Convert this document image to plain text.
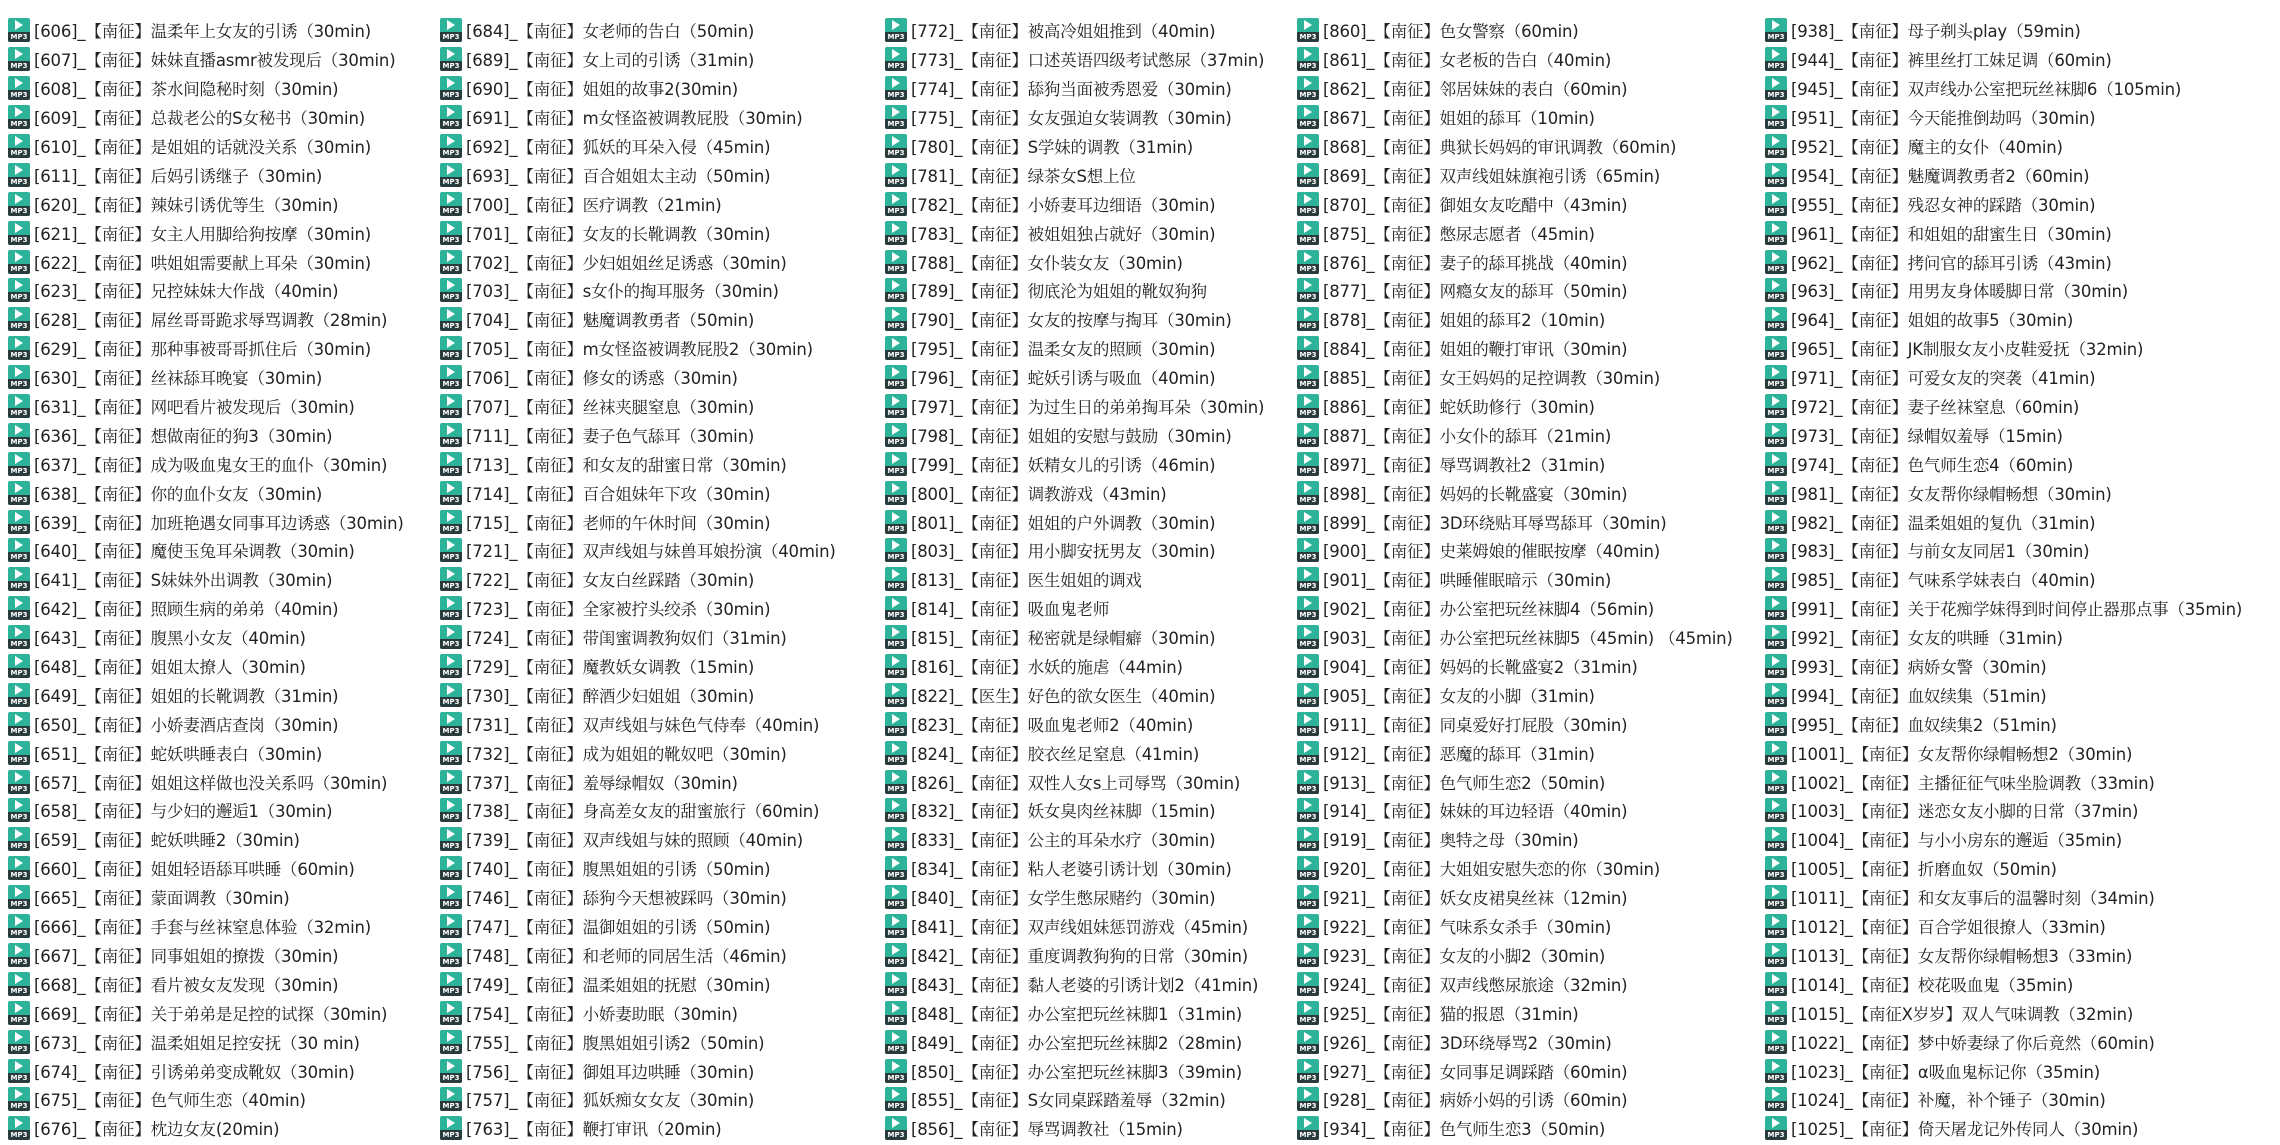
MP3 [606]_【南征】温柔年上女友的引诱（30min)
MP3 [607]_【南征】妹妹直播asmr被发现后（30min)
MP3 [608]_【南征】茶水间隐秘时刻（30min)
MP3 [609]_【南征】总裁老公的S女秘书（30min)
MP3 [610]_【南征】是姐姐的话就没关系（30min)
MP3 [611]_【南征】后妈引诱继子（30min)
MP3 [620]_【南征】辣妹引诱优等生（30min)
MP3 [621]_【南征】女主人用脚给狗按摩（30min)
MP3 [622]_【南征】哄姐姐需要献上耳朵（30min)
MP3 [623]_【南征】兄控妹妹大作战（40min)
MP3 [628]_【南征】屌丝哥哥跪求辱骂调教（28min)
MP3 [629]_【南征】那种事被哥哥抓住后（30min)
MP3 [630]_【南征】丝袜舔耳晚宴（30min)
MP3 [631]_【南征】网吧看片被发现后（30min)
MP3 [636]_【南征】想做南征的狗3（30min)
MP3 [637]_【南征】成为吸血鬼女王的血仆（30min)
MP3 [638]_【南征】你的血仆女友（30min)
MP3 [639]_【南征】加班艳遇女同事耳边诱惑（30min)
MP3 [640]_【南征】魔使玉兔耳朵调教（30min)
MP3 [641]_【南征】S妹妹外出调教（30min)
MP3 [642]_【南征】照顾生病的弟弟（40min)
MP3 [643]_【南征】腹黑小女友（40min)
MP3 [648]_【南征】姐姐太撩人（30min)
MP3 [649]_【南征】姐姐的长靴调教（31min)
MP3 [650]_【南征】小娇妻酒店查岗（30min)
MP3 [651]_【南征】蛇妖哄睡表白（30min)
MP3 [657]_【南征】姐姐这样做也没关系吗（30min)
MP3 [658]_【南征】与少妇的邂逅1（30min)
MP3 [659]_【南征】蛇妖哄睡2（30min)
MP3 [660]_【南征】姐姐轻语舔耳哄睡（60min)
MP3 [665]_【南征】蒙面调教（30min)
MP3 [666]_【南征】手套与丝袜窒息体验（32min)
MP3 [667]_【南征】同事姐姐的撩拨（30min)
MP3 [668]_【南征】看片被女友发现（30min)
MP3 [669]_【南征】关于弟弟是足控的试探（30min)
MP3 [673]_【南征】温柔姐姐足控安抚（30 min)
MP3 [674]_【南征】引诱弟弟变成靴奴（30min)
MP3 [675]_【南征】色气师生恋（40min)
MP3 [676]_【南征】枕边女友(20min)
MP3 [684]_【南征】女老师的告白（50min)
MP3 [689]_【南征】女上司的引诱（31min)
MP3 [690]_【南征】姐姐的故事2(30min)
MP3 [691]_【南征】m女怪盗被调教屁股（30min)
MP3 [692]_【南征】狐妖的耳朵入侵（45min)
MP3 [693]_【南征】百合姐姐太主动（50min)
MP3 [700]_【南征】医疗调教（21min)
MP3 [701]_【南征】女友的长靴调教（30min)
MP3 [702]_【南征】少妇姐姐丝足诱惑（30min)
MP3 [703]_【南征】s女仆的掏耳服务（30min)
MP3 [704]_【南征】魅魔调教勇者（50min)
MP3 [705]_【南征】m女怪盗被调教屁股2（30min)
MP3 [706]_【南征】修女的诱惑（30min)
MP3 [707]_【南征】丝袜夹腿窒息（30min)
MP3 [711]_【南征】妻子色气舔耳（30min)
MP3 [713]_【南征】和女友的甜蜜日常（30min)
MP3 [714]_【南征】百合姐妹年下攻（30min)
MP3 [715]_【南征】老师的午休时间（30min)
MP3 [721]_【南征】双声线姐与妹兽耳娘扮演（40min)
MP3 [722]_【南征】女友白丝踩踏（30min)
MP3 [723]_【南征】全家被拧头绞杀（30min)
MP3 [724]_【南征】带闺蜜调教狗奴们（31min)
MP3 [729]_【南征】魔教妖女调教（15min)
MP3 [730]_【南征】醉酒少妇姐姐（30min)
MP3 [731]_【南征】双声线姐与妹色气侍奉（40min)
MP3 [732]_【南征】成为姐姐的靴奴吧（30min)
MP3 [737]_【南征】羞辱绿帽奴（30min)
MP3 [738]_【南征】身高差女友的甜蜜旅行（60min)
MP3 [739]_【南征】双声线姐与妹的照顾（40min)
MP3 [740]_【南征】腹黑姐姐的引诱（50min)
MP3 [746]_【南征】舔狗今天想被踩吗（30min)
MP3 [747]_【南征】温御姐姐的引诱（50min)
MP3 [748]_【南征】和老师的同居生活（46min)
MP3 [749]_【南征】温柔姐姐的抚慰（30min)
MP3 [754]_【南征】小娇妻助眠（30min)
MP3 [755]_【南征】腹黑姐姐引诱2（50min)
MP3 [756]_【南征】御姐耳边哄睡（30min)
MP3 [757]_【南征】狐妖痴女女友（30min)
MP3 [763]_【南征】鞭打审讯（20min)
MP3 [772]_【南征】被高冷姐姐推到（40min)
MP3 [773]_【南征】口述英语四级考试憋尿（37min)
MP3 [774]_【南征】舔狗当面被秀恩爱（30min)
MP3 [775]_【南征】女友强迫女装调教（30min)
MP3 [780]_【南征】S学妹的调教（31min)
MP3 [781]_【南征】绿茶女S想上位
MP3 [782]_【南征】小娇妻耳边细语（30min)
MP3 [783]_【南征】被姐姐独占就好（30min)
MP3 [788]_【南征】女仆装女友（30min)
MP3 [789]_【南征】彻底沦为姐姐的靴奴狗狗
MP3 [790]_【南征】女友的按摩与掏耳（30min)
MP3 [795]_【南征】温柔女友的照顾（30min)
MP3 [796]_【南征】蛇妖引诱与吸血（40min)
MP3 [797]_【南征】为过生日的弟弟掏耳朵（30min)
MP3 [798]_【南征】姐姐的安慰与鼓励（30min)
MP3 [799]_【南征】妖精女儿的引诱（46min)
MP3 [800]_【南征】调教游戏（43min)
MP3 [801]_【南征】姐姐的户外调教（30min)
MP3 [803]_【南征】用小脚安抚男友（30min)
MP3 [813]_【南征】医生姐姐的调戏
MP3 [814]_【南征】吸血鬼老师
MP3 [815]_【南征】秘密就是绿帽癖（30min)
MP3 [816]_【南征】水妖的施虐（44min)
MP3 [822]_【医生】好色的欲女医生（40min)
MP3 [823]_【南征】吸血鬼老师2（40min)
MP3 [824]_【南征】胶衣丝足窒息（41min)
MP3 [826]_【南征】双性人女s上司辱骂（30min)
MP3 [832]_【南征】妖女臭肉丝袜脚（15min)
MP3 [833]_【南征】公主的耳朵水疗（30min)
MP3 [834]_【南征】粘人老婆引诱计划（30min)
MP3 [840]_【南征】女学生憋尿赌约（30min)
MP3 [841]_【南征】双声线姐妹惩罚游戏（45min)
MP3 [842]_【南征】重度调教狗狗的日常（30min)
MP3 [843]_【南征】黏人老婆的引诱计划2（41min)
MP3 [848]_【南征】办公室把玩丝袜脚1（31min)
MP3 [849]_【南征】办公室把玩丝袜脚2（28min)
MP3 [850]_【南征】办公室把玩丝袜脚3（39min)
MP3 [855]_【南征】S女同桌踩踏羞辱（32min)
MP3 [856]_【南征】辱骂调教社（15min)
MP3 [860]_【南征】色女警察（60min)
MP3 [861]_【南征】女老板的告白（40min)
MP3 [862]_【南征】邻居妹妹的表白（60min)
MP3 [867]_【南征】姐姐的舔耳（10min)
MP3 [868]_【南征】典狱长妈妈的审讯调教（60min)
MP3 [869]_【南征】双声线姐妹旗袍引诱（65min)
MP3 [870]_【南征】御姐女友吃醋中（43min)
MP3 [875]_【南征】憋尿志愿者（45min)
MP3 [876]_【南征】妻子的舔耳挑战（40min)
MP3 [877]_【南征】网瘾女友的舔耳（50min)
MP3 [878]_【南征】姐姐的舔耳2（10min)
MP3 [884]_【南征】姐姐的鞭打审讯（30min)
MP3 [885]_【南征】女王妈妈的足控调教（30min)
MP3 [886]_【南征】蛇妖助修行（30min)
MP3 [887]_【南征】小女仆的舔耳（21min)
MP3 [897]_【南征】辱骂调教社2（31min)
MP3 [898]_【南征】妈妈的长靴盛宴（30min)
MP3 [899]_【南征】3D环绕贴耳辱骂舔耳（30min)
MP3 [900]_【南征】史莱姆娘的催眠按摩（40min)
MP3 [901]_【南征】哄睡催眠暗示（30min)
MP3 [902]_【南征】办公室把玩丝袜脚4（56min)
MP3 [903]_【南征】办公室把玩丝袜脚5（45min) （45min)
MP3 [904]_【南征】妈妈的长靴盛宴2（31min)
MP3 [905]_【南征】女友的小脚（31min)
MP3 [911]_【南征】同桌爱好打屁股（30min)
MP3 [912]_【南征】恶魔的舔耳（31min)
MP3 [913]_【南征】色气师生恋2（50min)
MP3 [914]_【南征】妹妹的耳边轻语（40min)
MP3 [919]_【南征】奥特之母（30min)
MP3 [920]_【南征】大姐姐安慰失恋的你（30min)
MP3 [921]_【南征】妖女皮裙臭丝袜（12min)
MP3 [922]_【南征】气味系女杀手（30min)
MP3 [923]_【南征】女友的小脚2（30min)
MP3 [924]_【南征】双声线憋尿旅途（32min)
MP3 [925]_【南征】猫的报恩（31min)
MP3 [926]_【南征】3D环绕辱骂2（30min)
MP3 [927]_【南征】女同事足调踩踏（60min)
MP3 [928]_【南征】病娇小妈的引诱（60min)
MP3 [934]_【南征】色气师生恋3（50min)
MP3 [938]_【南征】母子剃头play（59min)
MP3 [944]_【南征】裤里丝打工妹足调（60min)
MP3 [945]_【南征】双声线办公室把玩丝袜脚6（105min)
MP3 [951]_【南征】今天能推倒劫吗（30min)
MP3 [952]_【南征】魔主的女仆（40min)
MP3 [954]_【南征】魅魔调教勇者2（60min)
MP3 [955]_【南征】残忍女神的踩踏（30min)
MP3 [961]_【南征】和姐姐的甜蜜生日（30min)
MP3 [962]_【南征】拷问官的舔耳引诱（43min)
MP3 [963]_【南征】用男友身体暖脚日常（30min)
MP3 [964]_【南征】姐姐的故事5（30min)
MP3 [965]_【南征】JK制服女友小皮鞋爱抚（32min)
MP3 [971]_【南征】可爱女友的突袭（41min)
MP3 [972]_【南征】妻子丝袜窒息（60min)
MP3 [973]_【南征】绿帽奴羞辱（15min)
MP3 [974]_【南征】色气师生恋4（60min)
MP3 [981]_【南征】女友帮你绿帽畅想（30min)
MP3 [982]_【南征】温柔姐姐的复仇（31min)
MP3 [983]_【南征】与前女友同居1（30min)
MP3 [985]_【南征】气味系学妹表白（40min)
MP3 [991]_【南征】关于花痴学妹得到时间停止器那点事（35min)
MP3 [992]_【南征】女友的哄睡（31min)
MP3 [993]_【南征】病娇女警（30min)
MP3 [994]_【南征】血奴续集（51min)
MP3 [995]_【南征】血奴续集2（51min)
MP3 [1001]_【南征】女友帮你绿帽畅想2（30min)
MP3 [1002]_【南征】主播征征气味坐脸调教（33min)
MP3 [1003]_【南征】迷恋女友小脚的日常（37min)
MP3 [1004]_【南征】与小小房东的邂逅（35min)
MP3 [1005]_【南征】折磨血奴（50min)
MP3 [1011]_【南征】和女友事后的温馨时刻（34min)
MP3 [1012]_【南征】百合学姐很撩人（33min)
MP3 [1013]_【南征】女友帮你绿帽畅想3（33min)
MP3 [1014]_【南征】校花吸血鬼（35min)
MP3 [1015]_【南征X岁岁】双人气味调教（32min)
MP3 [1022]_【南征】梦中娇妻绿了你后竟然（60min)
MP3 [1023]_【南征】α吸血鬼标记你（35min)
MP3 [1024]_【南征】补魔，补个锤子（30min)
MP3 [1025]_【南征】倚天屠龙记外传同人（30min)
